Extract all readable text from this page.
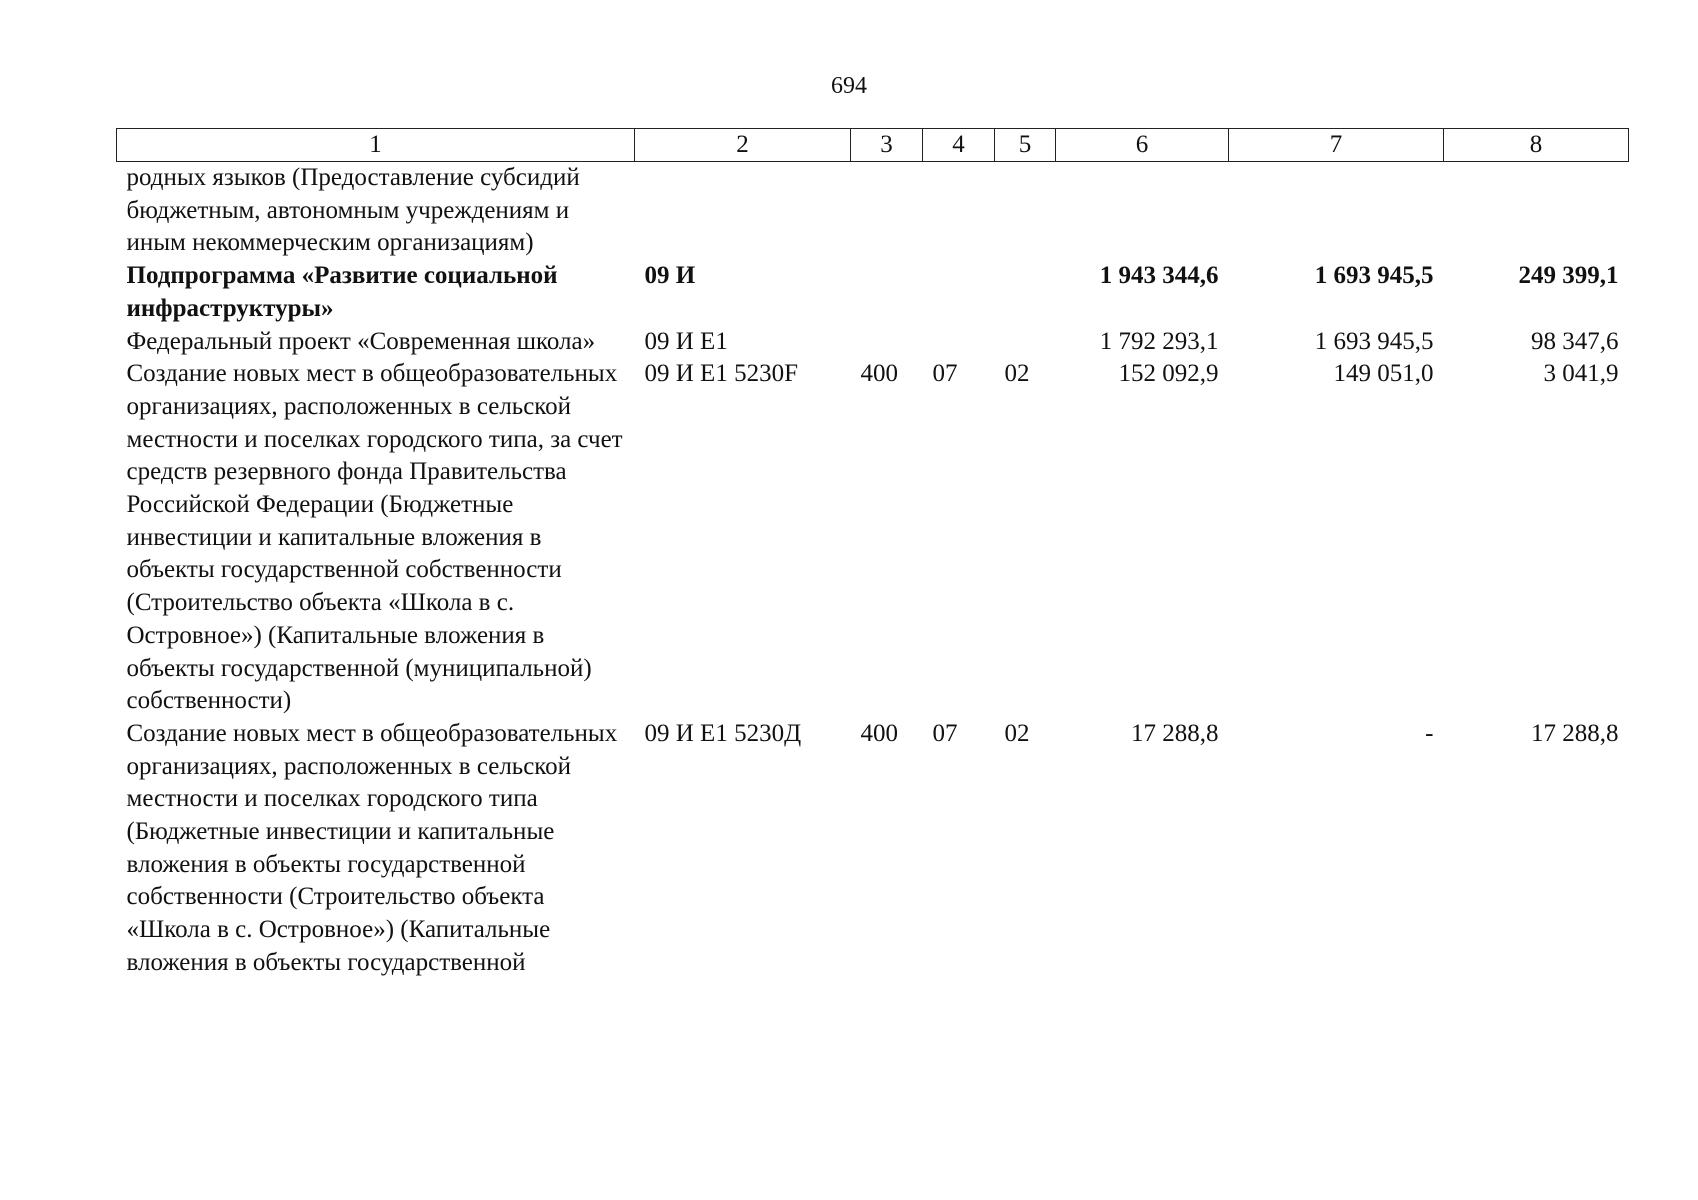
694
1	2	3	4	5	6	7	8
родных языков (Предоставление субсидий бюджетным, автономным учреждениям и иным некоммерческим организациям)							
Подпрограмма «Развитие социальной инфраструктуры»	09 И				1 943 344,6	1 693 945,5	249 399,1
Федеральный проект «Современная школа»	09 И Е1				1 792 293,1	1 693 945,5	98 347,6
Создание новых мест в общеобразовательных организациях, расположенных в сельской местности и поселках городского типа, за счет средств резервного фонда Правительства Российской Федерации (Бюджетные инвестиции и капитальные вложения в объекты государственной собственности (Строительство объекта «Школа в с. Островное») (Капитальные вложения в объекты государственной (муниципальной) собственности)	09 И Е1 5230F	400	07	02	152 092,9	149 051,0	3 041,9
Создание новых мест в общеобразовательных организациях, расположенных в сельской местности и поселках городского типа (Бюджетные инвестиции и капитальные вложения в объекты государственной собственности (Строительство объекта «Школа в с. Островное») (Капитальные вложения в объекты государственной	09 И Е1 5230Д	400	07	02	17 288,8	-	17 288,8
